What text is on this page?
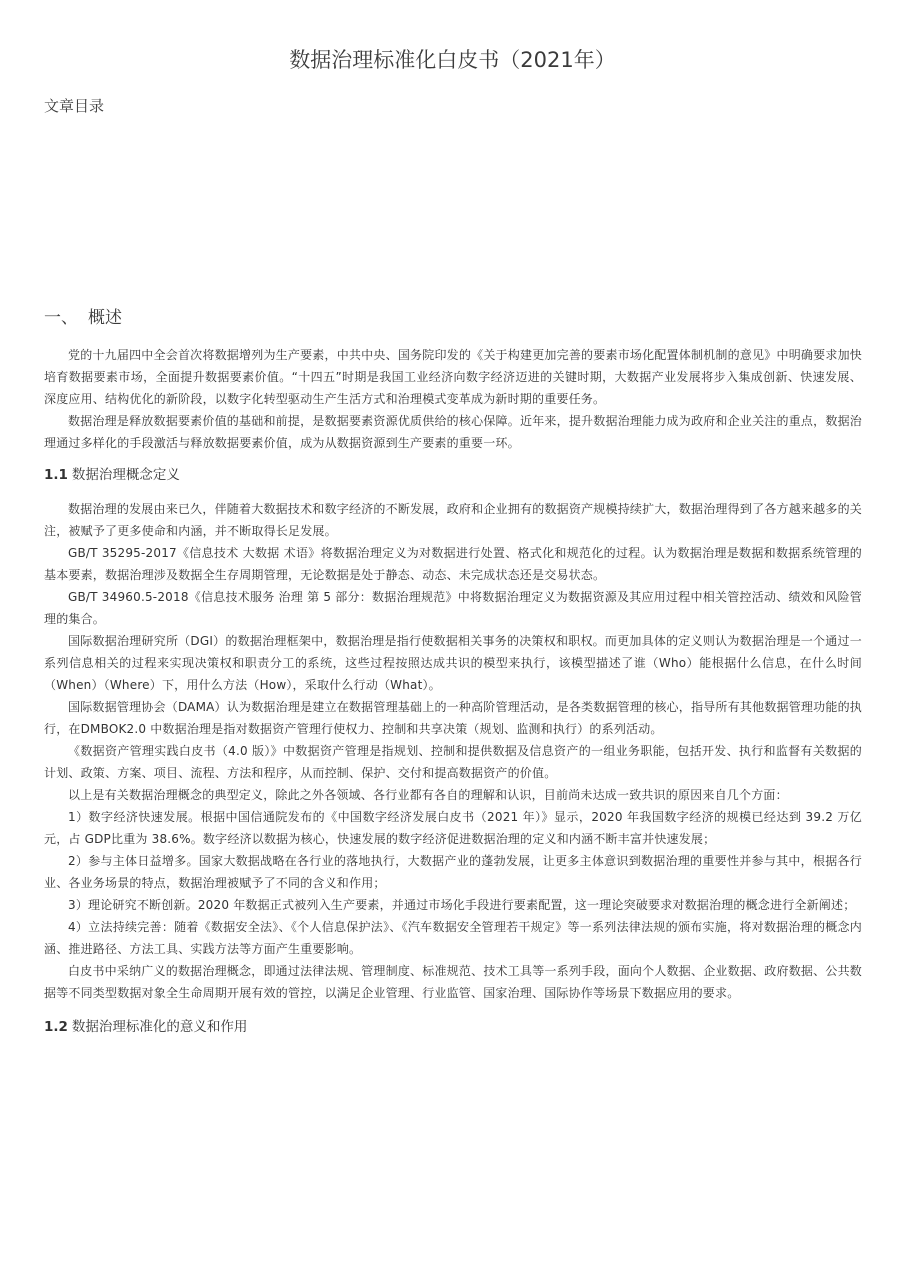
数据治理标准化白皮书（2021年）
文章目录
一、 概述

党的十九届四中全会首次将数据增列为生产要素，中共中央、国务院印发的《关于构建更加完善的要素市场化配置体制机制的意见》中明确要求加快培育数据要素市场，全面提升数据要素价值。“十四五”时期是我国工业经济向数字经济迈进的关键时期，大数据产业发展将步入集成创新、快速发展、深度应用、结构优化的新阶段，以数字化转型驱动生产生活方式和治理模式变革成为新时期的重要任务。

数据治理是释放数据要素价值的基础和前提，是数据要素资源优质供给的核心保障。近年来，提升数据治理能力成为政府和企业关注的重点，数据治理通过多样化的手段激活与释放数据要素价值，成为从数据资源到生产要素的重要一环。

1.1 数据治理概念定义

数据治理的发展由来已久，伴随着大数据技术和数字经济的不断发展，政府和企业拥有的数据资产规模持续扩大，数据治理得到了各方越来越多的关注，被赋予了更多使命和内涵，并不断取得长足发展。

GB/T 35295-2017《信息技术 大数据 术语》将数据治理定义为对数据进行处置、格式化和规范化的过程。认为数据治理是数据和数据系统管理的基本要素，数据治理涉及数据全生存周期管理，无论数据是处于静态、动态、未完成状态还是交易状态。

GB/T 34960.5-2018《信息技术服务 治理 第 5 部分：数据治理规范》中将数据治理定义为数据资源及其应用过程中相关管控活动、绩效和风险管理的集合。

国际数据治理研究所（DGI）的数据治理框架中，数据治理是指行使数据相关事务的决策权和职权。而更加具体的定义则认为数据治理是一个通过一系列信息相关的过程来实现决策权和职责分工的系统，这些过程按照达成共识的模型来执行，该模型描述了谁（Who）能根据什么信息，在什么时间（When）（Where）下，用什么方法（How），采取什么行动（What）。

国际数据管理协会（DAMA）认为数据治理是建立在数据管理基础上的一种高阶管理活动，是各类数据管理的核心，指导所有其他数据管理功能的执行，在DMBOK2.0 中数据治理是指对数据资产管理行使权力、控制和共享决策（规划、监测和执行）的系列活动。

《数据资产管理实践白皮书（4.0 版）》中数据资产管理是指规划、控制和提供数据及信息资产的一组业务职能，包括开发、执行和监督有关数据的计划、政策、方案、项目、流程、方法和程序，从而控制、保护、交付和提高数据资产的价值。

以上是有关数据治理概念的典型定义，除此之外各领域、各行业都有各自的理解和认识，目前尚未达成一致共识的原因来自几个方面：

1）数字经济快速发展。根据中国信通院发布的《中国数字经济发展白皮书（2021 年）》显示，2020 年我国数字经济的规模已经达到 39.2 万亿元，占 GDP比重为 38.6%。数字经济以数据为核心，快速发展的数字经济促进数据治理的定义和内涵不断丰富并快速发展；

2）参与主体日益增多。国家大数据战略在各行业的落地执行，大数据产业的蓬勃发展，让更多主体意识到数据治理的重要性并参与其中，根据各行业、各业务场景的特点，数据治理被赋予了不同的含义和作用；

3）理论研究不断创新。2020 年数据正式被列入生产要素，并通过市场化手段进行要素配置，这一理论突破要求对数据治理的概念进行全新阐述；

4）立法持续完善：随着《数据安全法》、《个人信息保护法》、《汽车数据安全管理若干规定》等一系列法律法规的颁布实施，将对数据治理的概念内涵、推进路径、方法工具、实践方法等方面产生重要影响。

白皮书中采纳广义的数据治理概念，即通过法律法规、管理制度、标准规范、技术工具等一系列手段，面向个人数据、企业数据、政府数据、公共数据等不同类型数据对象全生命周期开展有效的管控，以满足企业管理、行业监管、国家治理、国际协作等场景下数据应用的要求。

1.2 数据治理标准化的意义和作用
